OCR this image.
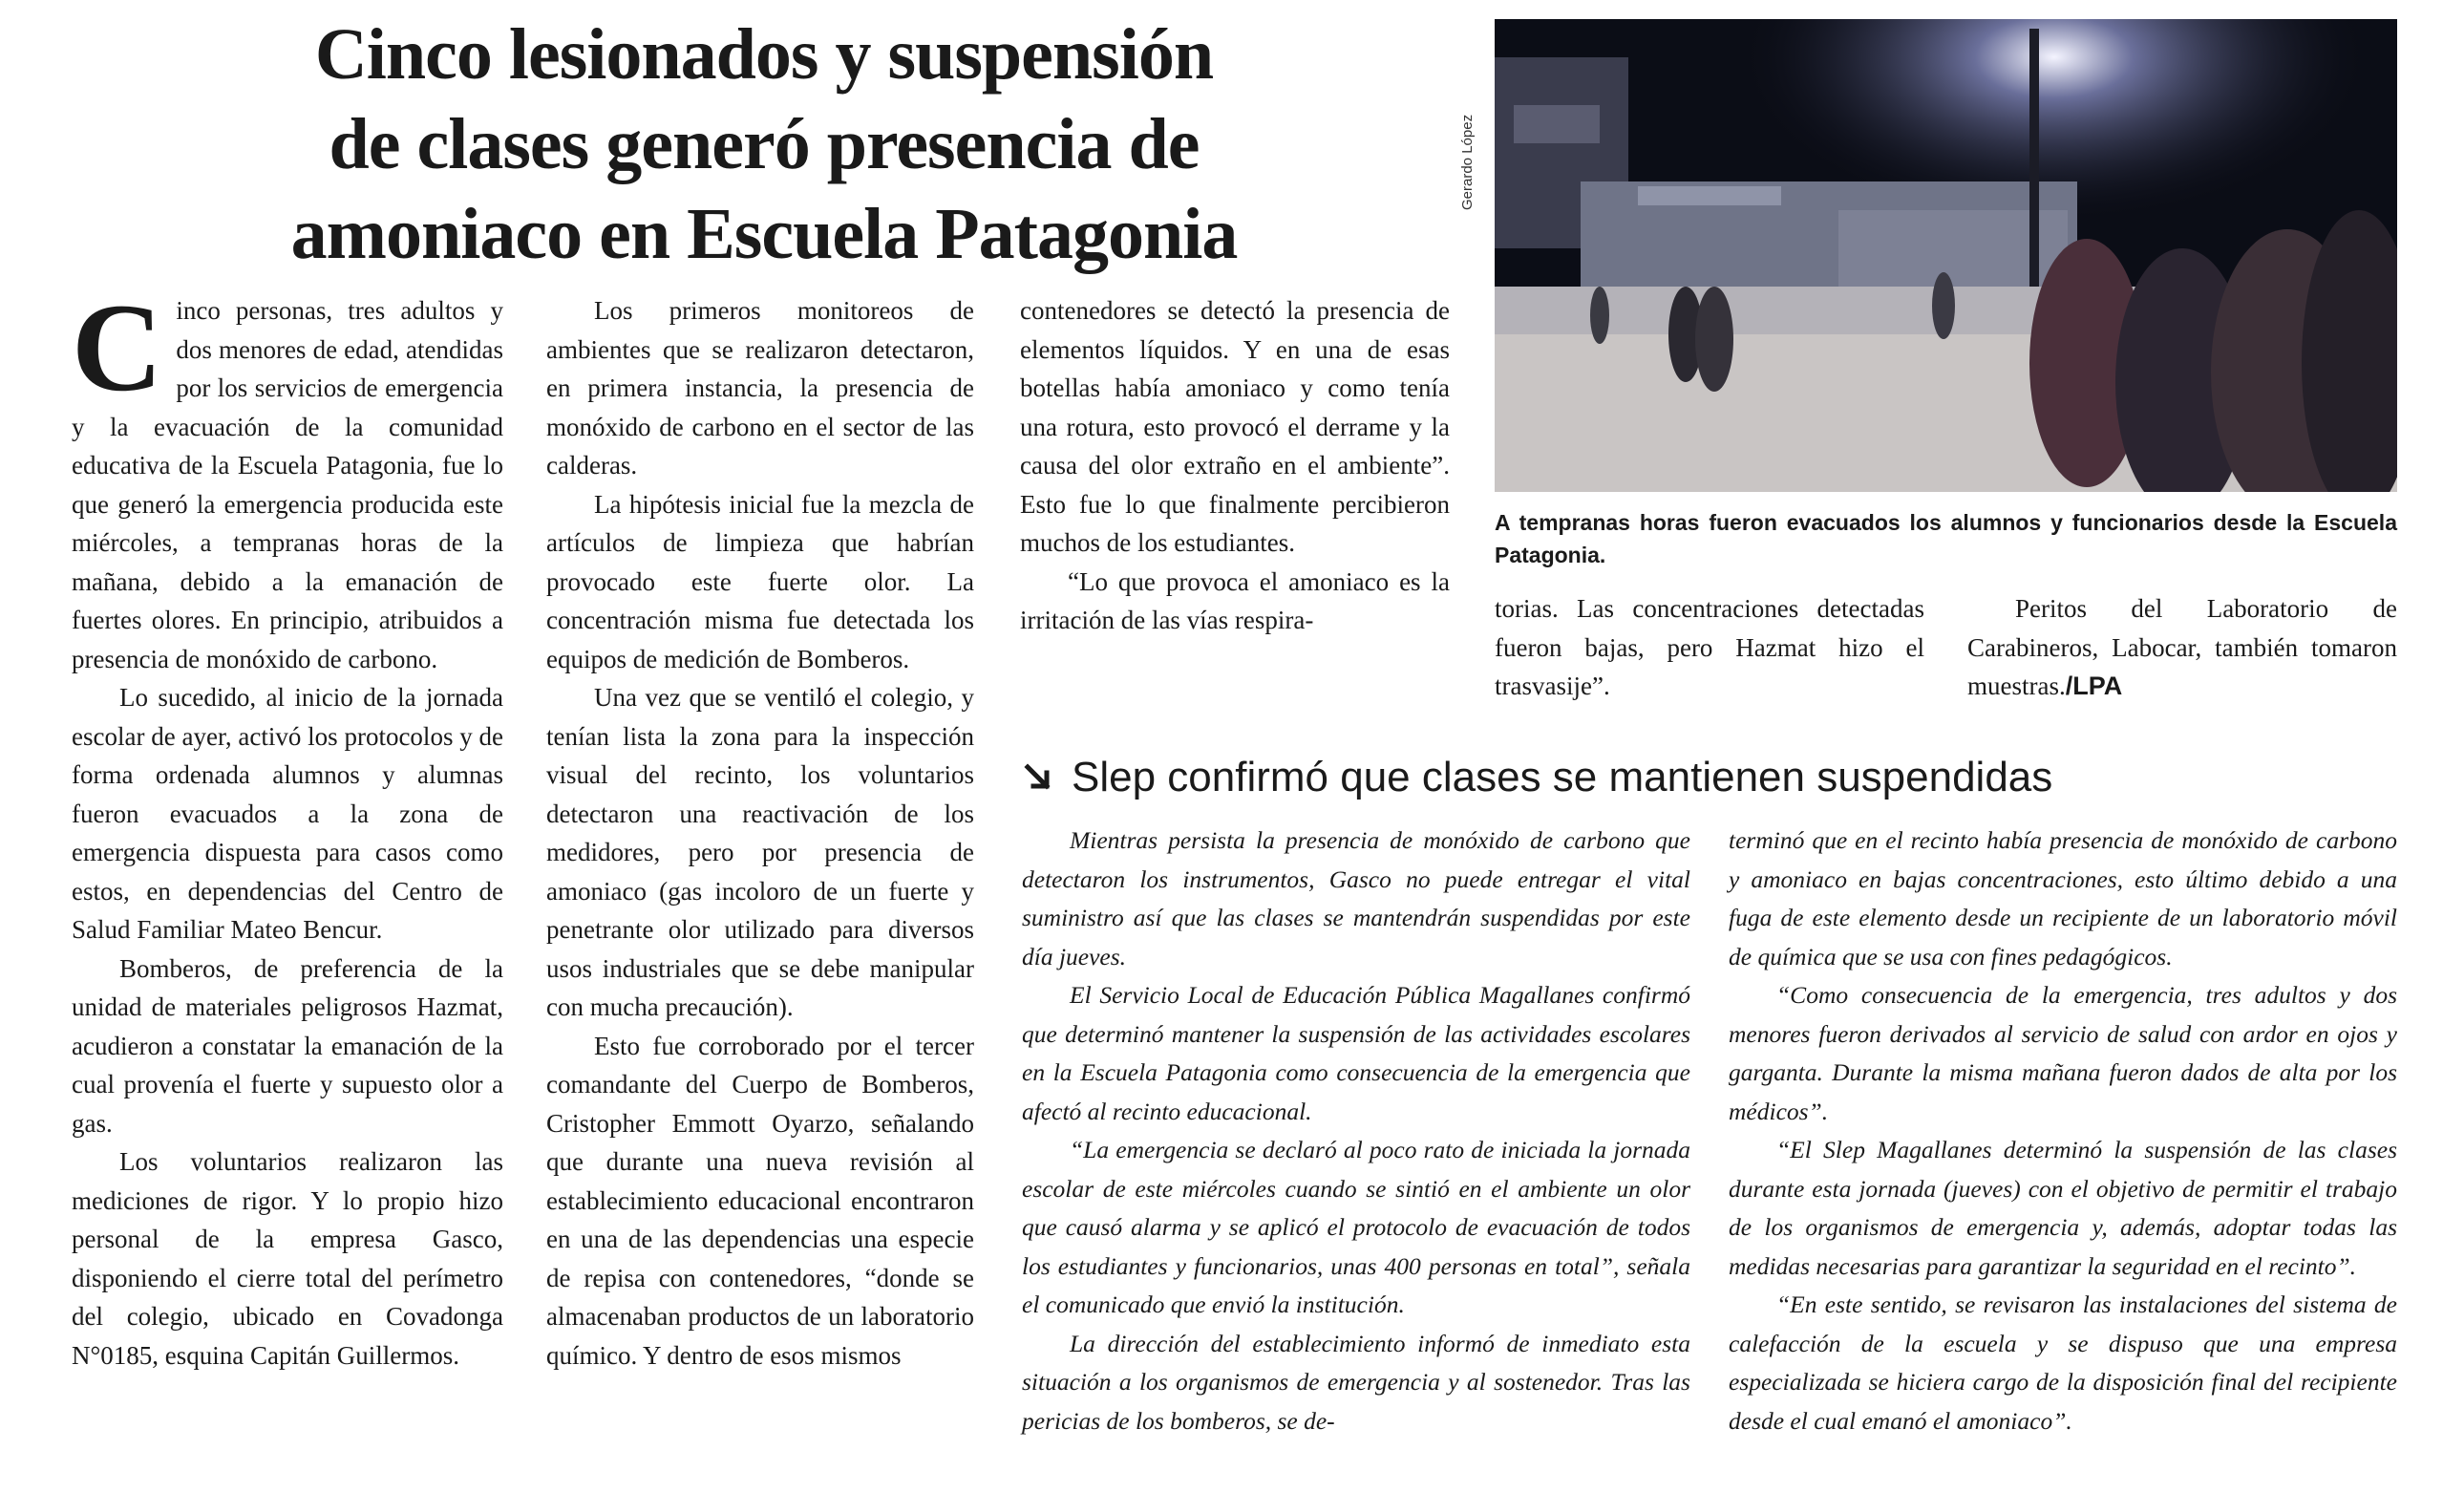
Cinco lesionados y suspensión
de clases generó presencia de
amoniaco en Escuela Patagonia

Cinco personas, tres adultos y dos menores de edad, atendidas por los servicios de emergencia y la evacuación de la comunidad educativa de la Escuela Patagonia, fue lo que generó la emergencia producida este miércoles, a tempranas horas de la mañana, debido a la emanación de fuertes olores. En principio, atribuidos a presencia de monóxido de carbono.

Lo sucedido, al inicio de la jornada escolar de ayer, activó los protocolos y de forma ordenada alumnos y alumnas fueron evacuados a la zona de emergencia dispuesta para casos como estos, en dependencias del Centro de Salud Familiar Mateo Bencur.

Bomberos, de preferencia de la unidad de materiales peligrosos Hazmat, acudieron a constatar la emanación de la cual provenía el fuerte y supuesto olor a gas.

Los voluntarios realizaron las mediciones de rigor. Y lo propio hizo personal de la empresa Gasco, disponiendo el cierre total del perímetro del colegio, ubicado en Covadonga N°0185, esquina Capitán Guillermos.

Los primeros monitoreos de ambientes que se realizaron detectaron, en primera instancia, la presencia de monóxido de carbono en el sector de las calderas.

La hipótesis inicial fue la mezcla de artículos de limpieza que habrían provocado este fuerte olor. La concentración misma fue detectada los equipos de medición de Bomberos.

Una vez que se ventiló el colegio, y tenían lista la zona para la inspección visual del recinto, los voluntarios detectaron una reactivación de los medidores, pero por presencia de amoniaco (gas incoloro de un fuerte y penetrante olor utilizado para diversos usos industriales que se debe manipular con mucha precaución).

Esto fue corroborado por el tercer comandante del Cuerpo de Bomberos, Cristopher Emmott Oyarzo, señalando que durante una nueva revisión al establecimiento educacional encontraron en una de las dependencias una especie de repisa con contenedores, “donde se almacenaban productos de un laboratorio químico. Y dentro de esos mismos

contenedores se detectó la presencia de elementos líquidos. Y en una de esas botellas había amoniaco y como tenía una rotura, esto provocó el derrame y la causa del olor extraño en el ambiente”. Esto fue lo que finalmente percibieron muchos de los estudiantes.

“Lo que provoca el amoniaco es la irritación de las vías respira-

Gerardo López
A tempranas horas fueron evacuados los alumnos y funcionarios desde la Escuela Patagonia.

torias. Las concentraciones detectadas fueron bajas, pero Hazmat hizo el trasvasije”.

Peritos del Laboratorio de Carabineros, Labocar, también tomaron muestras./LPA

Slep confirmó que clases se mantienen suspendidas

Mientras persista la presencia de monóxido de carbono que detectaron los instrumentos, Gasco no puede entregar el vital suministro así que las clases se mantendrán suspendidas por este día jueves.

El Servicio Local de Educación Pública Magallanes confirmó que determinó mantener la suspensión de las actividades escolares en la Escuela Patagonia como consecuencia de la emergencia que afectó al recinto educacional.

“La emergencia se declaró al poco rato de iniciada la jornada escolar de este miércoles cuando se sintió en el ambiente un olor que causó alarma y se aplicó el protocolo de evacuación de todos los estudiantes y funcionarios, unas 400 personas en total”, señala el comunicado que envió la institución.

La dirección del establecimiento informó de inmediato esta situación a los organismos de emergencia y al sostenedor. Tras las pericias de los bomberos, se de-

terminó que en el recinto había presencia de monóxido de carbono y amoniaco en bajas concentraciones, esto último debido a una fuga de este elemento desde un recipiente de un laboratorio móvil de química que se usa con fines pedagógicos.

“Como consecuencia de la emergencia, tres adultos y dos menores fueron derivados al servicio de salud con ardor en ojos y garganta. Durante la misma mañana fueron dados de alta por los médicos”.

“El Slep Magallanes determinó la suspensión de las clases durante esta jornada (jueves) con el objetivo de permitir el trabajo de los organismos de emergencia y, además, adoptar todas las medidas necesarias para garantizar la seguridad en el recinto”.

“En este sentido, se revisaron las instalaciones del sistema de calefacción de la escuela y se dispuso que una empresa especializada se hiciera cargo de la disposición final del recipiente desde el cual emanó el amoniaco”.
